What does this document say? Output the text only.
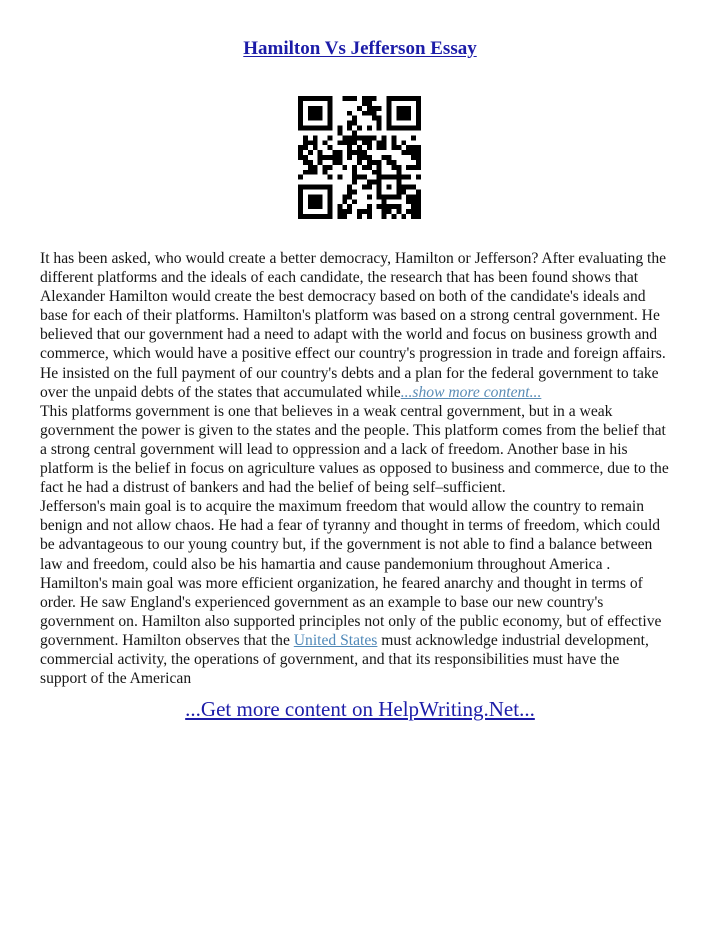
Hamilton Vs Jefferson Essay
It has been asked, who would create a better democracy, Hamilton or Jefferson? After evaluating the
different platforms and the ideals of each candidate, the research that has been found shows that
Alexander Hamilton would create the best democracy based on both of the candidate's ideals and
base for each of their platforms. Hamilton's platform was based on a strong central government. He
believed that our government had a need to adapt with the world and focus on business growth and
commerce, which would have a positive effect our country's progression in trade and foreign affairs.
He insisted on the full payment of our country's debts and a plan for the federal government to take
over the unpaid debts of the states that accumulated while...show more content...
This platforms government is one that believes in a weak central government, but in a weak
government the power is given to the states and the people. This platform comes from the belief that
a strong central government will lead to oppression and a lack of freedom. Another base in his
platform is the belief in focus on agriculture values as opposed to business and commerce, due to the
fact he had a distrust of bankers and had the belief of being self–sufficient.
Jefferson's main goal is to acquire the maximum freedom that would allow the country to remain
benign and not allow chaos. He had a fear of tyranny and thought in terms of freedom, which could
be advantageous to our young country but, if the government is not able to find a balance between
law and freedom, could also be his hamartia and cause pandemonium throughout America .
Hamilton's main goal was more efficient organization, he feared anarchy and thought in terms of
order. He saw England's experienced government as an example to base our new country's
government on. Hamilton also supported principles not only of the public economy, but of effective
government. Hamilton observes that the United States must acknowledge industrial development,
commercial activity, the operations of government, and that its responsibilities must have the
support of the American
...Get more content on HelpWriting.Net...
